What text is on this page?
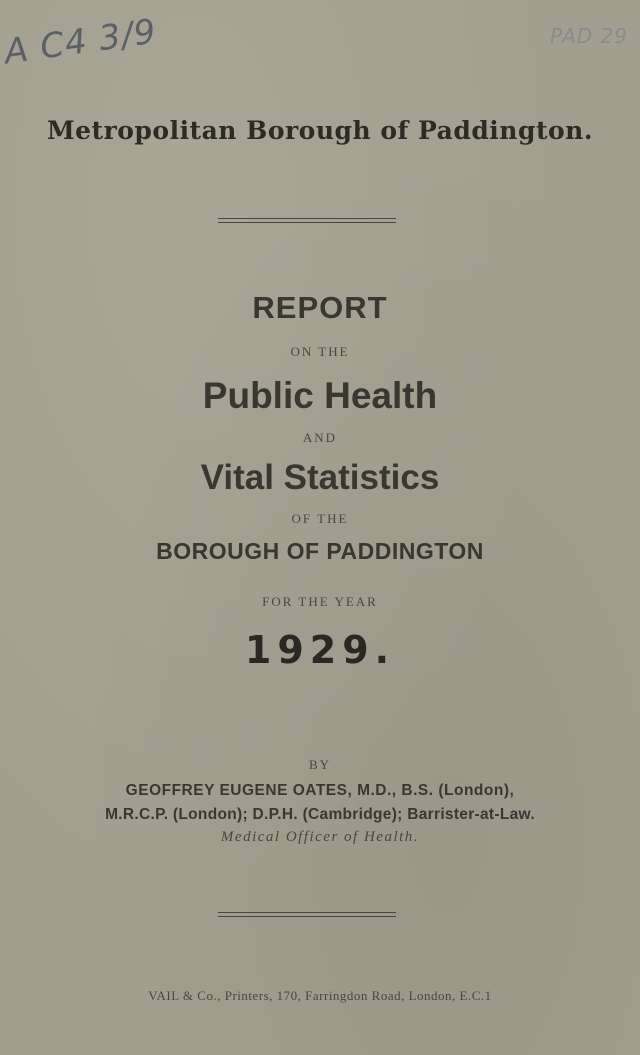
A C4 3/9	PAD 29
Metropolitan Borough of Paddington.
REPORT
ON THE
Public Health
AND
Vital Statistics
OF THE
BOROUGH OF PADDINGTON
FOR THE YEAR
1929.
BY
GEOFFREY EUGENE OATES, M.D., B.S. (London),
M.R.C.P. (London); D.P.H. (Cambridge); Barrister-at-Law.
Medical Officer of Health.
VAIL & Co., Printers, 170, Farringdon Road, London, E.C.1
